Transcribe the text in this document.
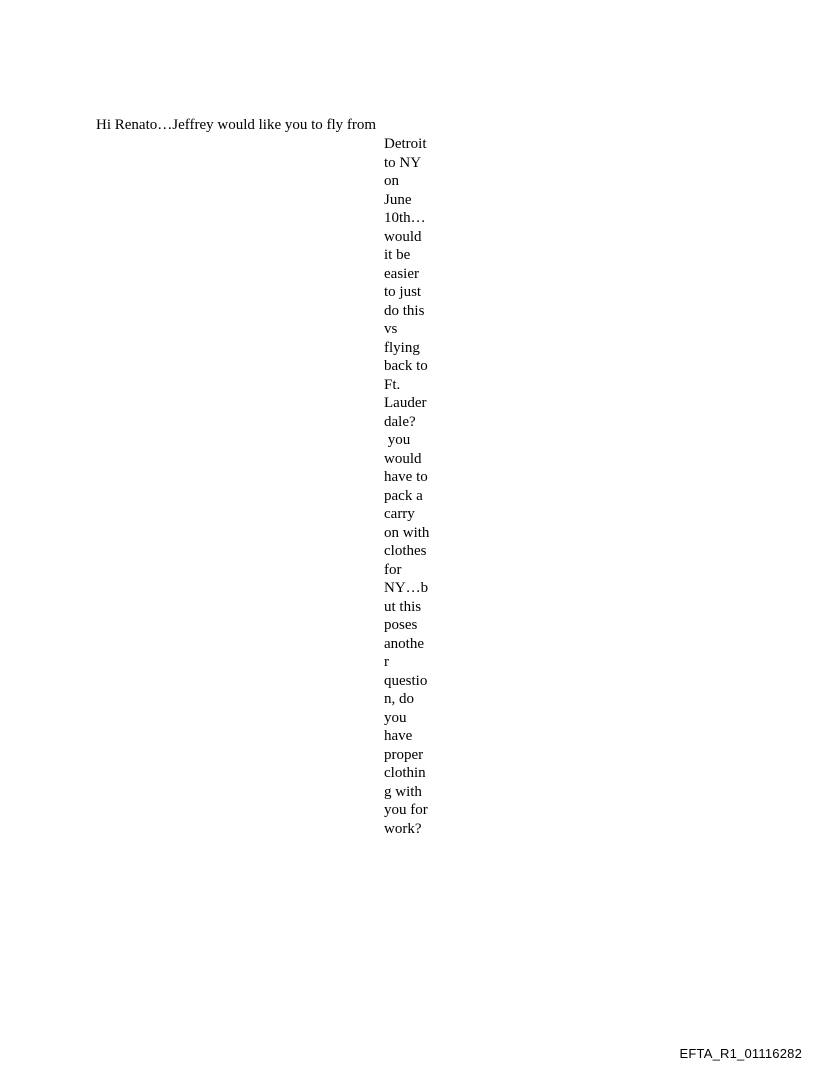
Hi Renato…Jeffrey would like you to fly from
Detroit
to NY
on
June
10th…
would
it be
easier
to just
do this
vs
flying
back to
Ft.
Lauder
dale?
you
would
have to
pack a
carry
on with
clothes
for
NY…b
ut this
poses
anothe
r
questio
n, do
you
have
proper
clothin
g with
you for
work?
EFTA_R1_01116282
